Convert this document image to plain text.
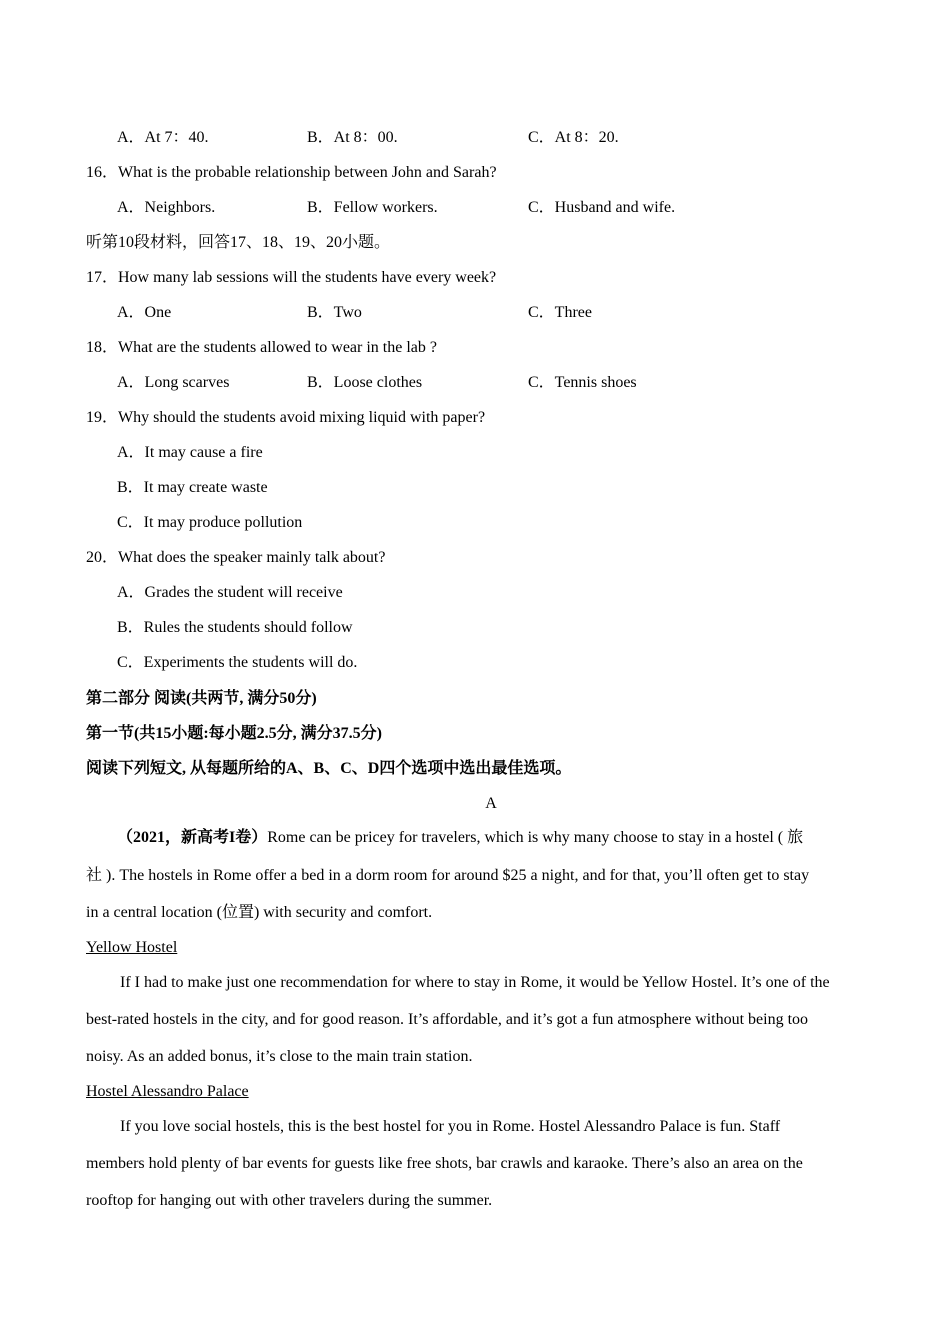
A．At 7：40.	B．At 8：00.	C．At 8：20.
16．What is the probable relationship between John and Sarah?
A．Neighbors.	B．Fellow workers.	C．Husband and wife.
听第10段材料，回答17、18、19、20小题。
17．How many lab sessions will the students have every week?
A．One	B．Two	C．Three
18．What are the students allowed to wear in the lab ?
A．Long scarves	B．Loose clothes	C．Tennis shoes
19．Why should the students avoid mixing liquid with paper?
A．It may cause a fire
B．It may create waste
C．It may produce pollution
20．What does the speaker mainly talk about?
A．Grades the student will receive
B．Rules the students should follow
C．Experiments the students will do.
第二部分 阅读(共两节, 满分50分)
第一节(共15小题:每小题2.5分, 满分37.5分)
阅读下列短文, 从每题所给的A、B、C、D四个选项中选出最佳选项。
A
（2021，新高考I卷）Rome can be pricey for travelers, which is why many choose to stay in a hostel ( 旅
社 ). The hostels in Rome offer a bed in a dorm room for around $25 a night, and for that, you’ll often get to stay
in a central location (位置) with security and comfort.
Yellow Hostel
If I had to make just one recommendation for where to stay in Rome, it would be Yellow Hostel. It’s one of the
best-rated hostels in the city, and for good reason. It’s affordable, and it’s got a fun atmosphere without being too
noisy. As an added bonus, it’s close to the main train station.
Hostel Alessandro Palace
If you love social hostels, this is the best hostel for you in Rome. Hostel Alessandro Palace is fun. Staff
members hold plenty of bar events for guests like free shots, bar crawls and karaoke. There’s also an area on the
rooftop for hanging out with other travelers during the summer.
